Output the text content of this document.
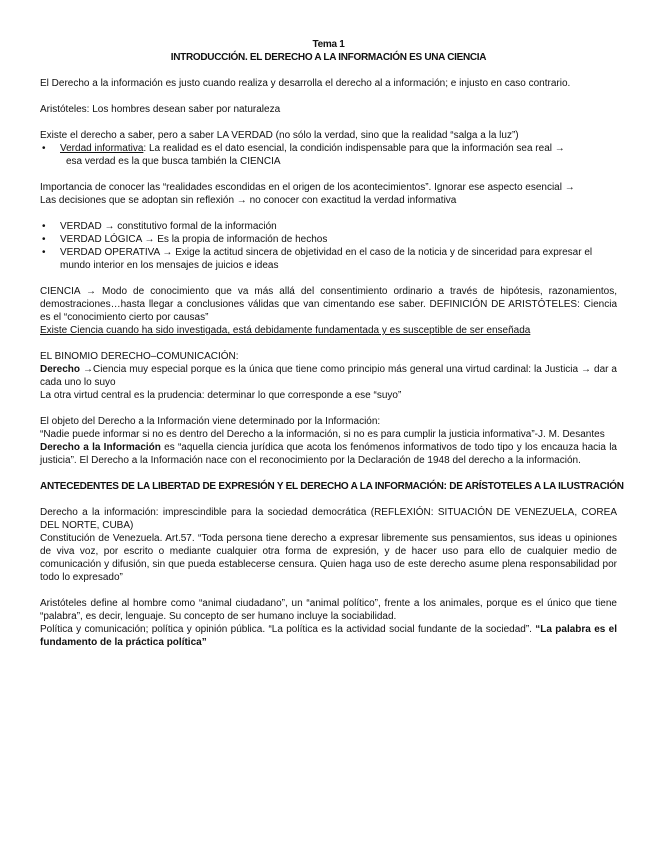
Tema 1

INTRODUCCIÓN. EL DERECHO A LA INFORMACIÓN ES UNA CIENCIA

El Derecho a la información es justo cuando realiza y desarrolla el derecho al a información; e injusto en caso contrario.

Aristóteles: Los hombres desean saber por naturaleza

Existe el derecho a saber, pero a saber LA VERDAD (no sólo la verdad, sino que la realidad “salga a la luz”)

• Verdad informativa: La realidad es el dato esencial, la condición indispensable para que la información sea real →
esa verdad es la que busca también la CIENCIA

Importancia de conocer las “realidades escondidas en el origen de los acontecimientos”. Ignorar ese aspecto esencial →

Las decisiones que se adoptan sin reflexión → no conocer con exactitud la verdad informativa

• VERDAD → constitutivo formal de la información
• VERDAD LÓGICA → Es la propia de información de hechos
• VERDAD OPERATIVA → Exige la actitud sincera de objetividad en el caso de la noticia y de sinceridad para expresar el
mundo interior en los mensajes de juicios e ideas

CIENCIA → Modo de conocimiento que va más allá del consentimiento ordinario a través de hipótesis, razonamientos, demostraciones…hasta llegar a conclusiones válidas que van cimentando ese saber. DEFINICIÓN DE ARISTÓTELES: Ciencia es el “conocimiento cierto por causas”

Existe Ciencia cuando ha sido investigada, está debidamente fundamentada y es susceptible de ser enseñada

EL BINOMIO DERECHO–COMUNICACIÓN:

Derecho →Ciencia muy especial porque es la única que tiene como principio más general una virtud cardinal: la Justicia → dar a cada uno lo suyo

La otra virtud central es la prudencia: determinar lo que corresponde a ese “suyo”

El objeto del Derecho a la Información viene determinado por la Información:

“Nadie puede informar si no es dentro del Derecho a la información, si no es para cumplir la justicia informativa”-J. M. Desantes

Derecho a la Información es “aquella ciencia jurídica que acota los fenómenos informativos de todo tipo y los encauza hacia la justicia”. El Derecho a la Información nace con el reconocimiento por la Declaración de 1948 del derecho a la información.

ANTECEDENTES DE LA LIBERTAD DE EXPRESIÓN Y EL DERECHO A LA INFORMACIÓN: DE ARÍSTOTELES A LA ILUSTRACIÓN

Derecho a la información: imprescindible para la sociedad democrática (REFLEXIÓN: SITUACIÓN DE VENEZUELA, COREA DEL NORTE, CUBA)

Constitución de Venezuela. Art.57. “Toda persona tiene derecho a expresar libremente sus pensamientos, sus ideas u opiniones de viva voz, por escrito o mediante cualquier otra forma de expresión, y de hacer uso para ello de cualquier medio de comunicación y difusión, sin que pueda establecerse censura. Quien haga uso de este derecho asume plena responsabilidad por todo lo expresado”

Aristóteles define al hombre como “animal ciudadano”, un “animal político”, frente a los animales, porque es el único que tiene “palabra”, es decir, lenguaje. Su concepto de ser humano incluye la sociabilidad.

Política y comunicación; política y opinión pública. “La política es la actividad social fundante de la sociedad”. “La palabra es el fundamento de la práctica política”
